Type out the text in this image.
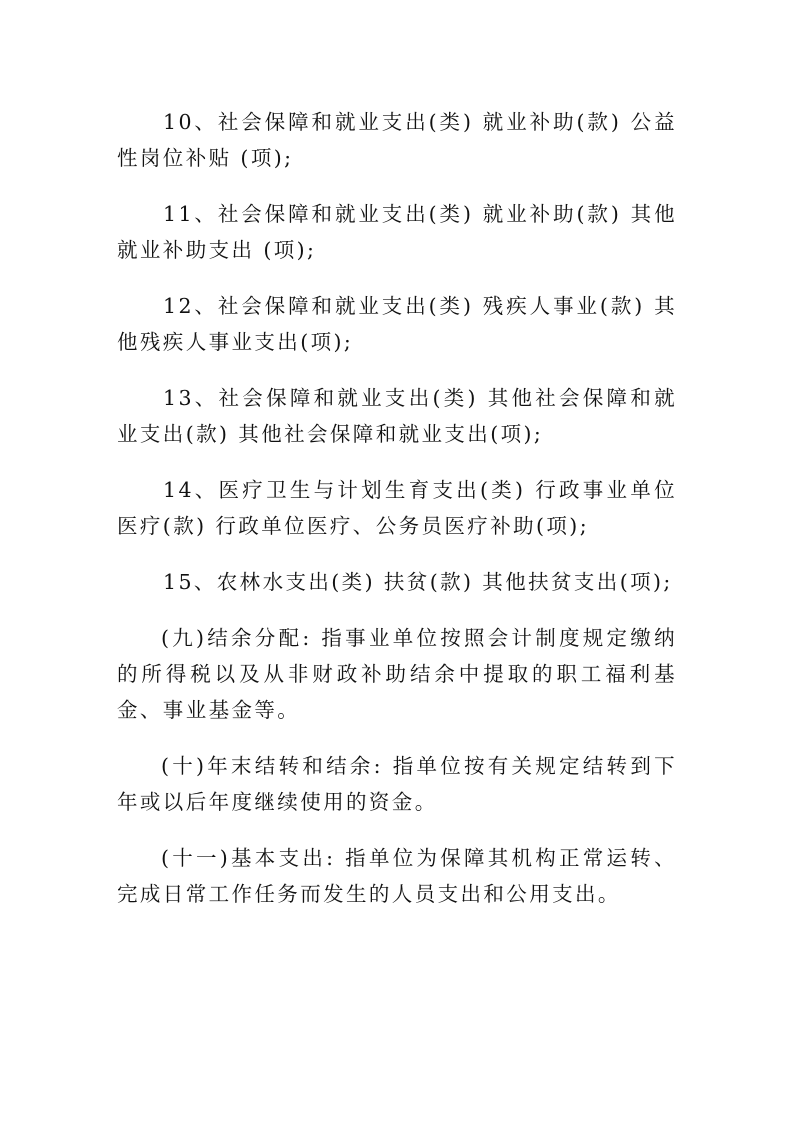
10、社会保障和就业支出(类) 就业补助(款) 公益性岗位补贴 (项);

11、社会保障和就业支出(类) 就业补助(款) 其他就业补助支出 (项);

12、社会保障和就业支出(类) 残疾人事业(款) 其他残疾人事业支出(项);

13、社会保障和就业支出(类) 其他社会保障和就业支出(款) 其他社会保障和就业支出(项);

14、医疗卫生与计划生育支出(类) 行政事业单位医疗(款) 行政单位医疗、公务员医疗补助(项);

15、农林水支出(类) 扶贫(款) 其他扶贫支出(项);

(九)结余分配: 指事业单位按照会计制度规定缴纳的所得税以及从非财政补助结余中提取的职工福利基金、事业基金等。

(十)年末结转和结余: 指单位按有关规定结转到下年或以后年度继续使用的资金。

(十一)基本支出: 指单位为保障其机构正常运转、完成日常工作任务而发生的人员支出和公用支出。
